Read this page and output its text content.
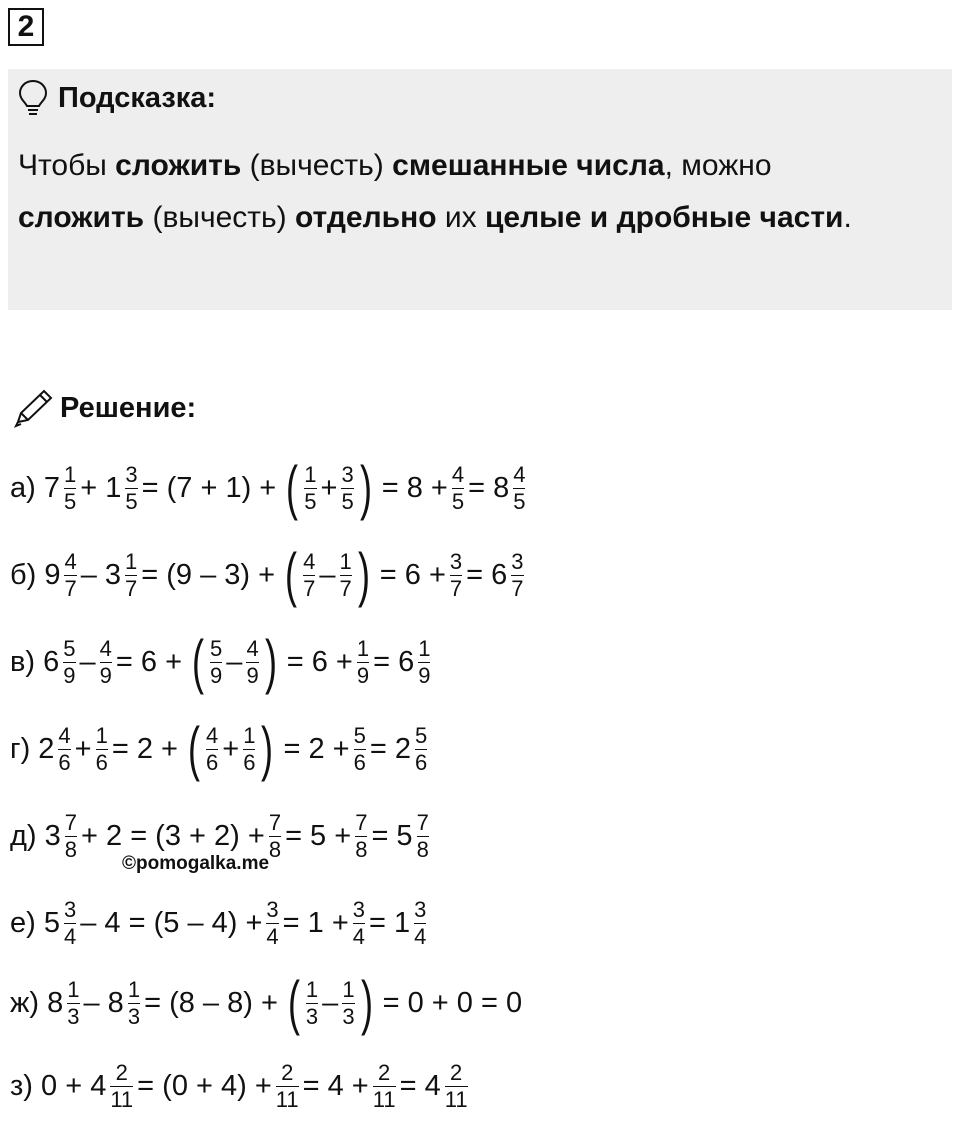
2
Подсказка:
Чтобы сложить (вычесть) смешанные числа, можно
сложить (вычесть) отдельно их целые и дробные части.
Решение:
а) $7 \frac{1}{5} + 1 \frac{3}{5} = (7 + 1)$ + ( $\frac{1}{5} + \frac{3}{5}$ ) = $8 + \frac{4}{5} = 8 \frac{4}{5}$
б) $9 \frac{4}{7} - 3 \frac{1}{7} = (9 - 3)$ + ( $\frac{4}{7} - \frac{1}{7}$ ) = $6 + \frac{3}{7} = 6 \frac{3}{7}$
в) $6 \frac{5}{9} - \frac{4}{9} = 6$ + ( $\frac{5}{9} - \frac{4}{9}$ ) = $6 + \frac{1}{9} = 6 \frac{1}{9}$
г) $2 \frac{4}{6} + \frac{1}{6} = 2$ + ( $\frac{4}{6} + \frac{1}{6}$ ) = $2 + \frac{5}{6} = 2 \frac{5}{6}$
д) $3 \frac{7}{8} + 2 = (3 + 2) + \frac{7}{8} = 5 + \frac{7}{8} = 5 \frac{7}{8}$
е) $5 \frac{3}{4} - 4 = (5 - 4) + \frac{3}{4} = 1 + \frac{3}{4} = 1 \frac{3}{4}$
ж) $8 \frac{1}{3} - 8 \frac{1}{3} = (8 - 8)$ + ( $\frac{1}{3} - \frac{1}{3}$ ) = 0 + 0 = 0
з) $0 + 4 \frac{2}{11} = (0 + 4) + \frac{2}{11} = 4 + \frac{2}{11} = 4 \frac{2}{11}$
©pomogalka.me
